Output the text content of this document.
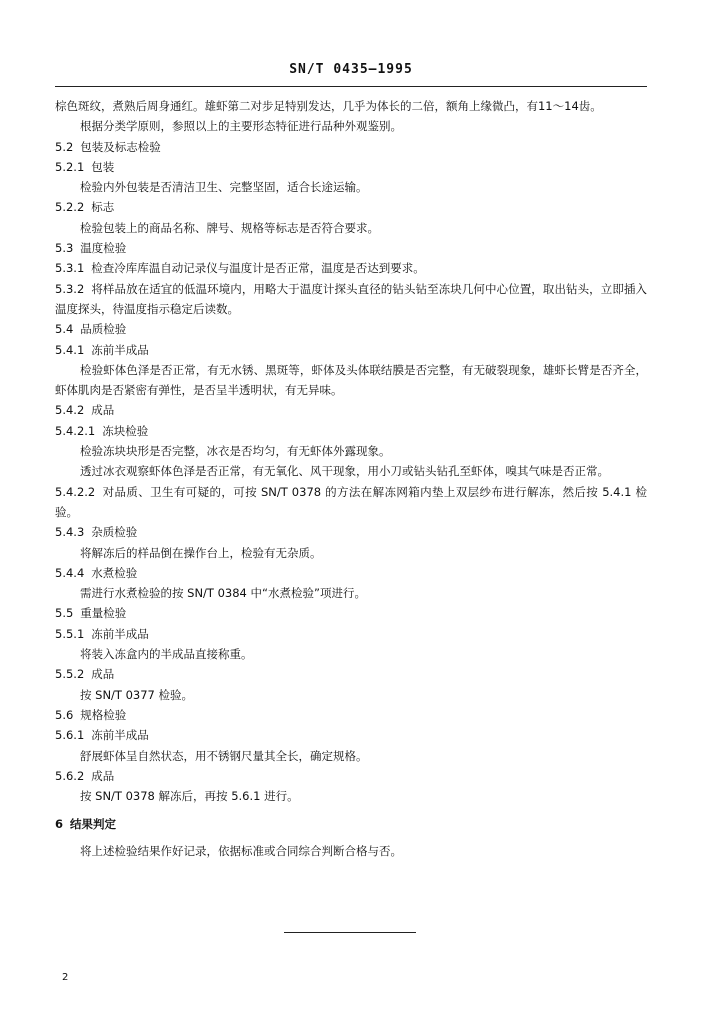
SN/T 0435—1995

棕色斑纹，煮熟后周身通红。雄虾第二对步足特别发达，几乎为体长的二倍，额角上缘微凸，有11～14齿。

根据分类学原则，参照以上的主要形态特征进行品种外观鉴别。

5.2 包装及标志检验

5.2.1 包装

检验内外包装是否清洁卫生、完整坚固，适合长途运输。

5.2.2 标志

检验包装上的商品名称、牌号、规格等标志是否符合要求。

5.3 温度检验

5.3.1 检查冷库库温自动记录仪与温度计是否正常，温度是否达到要求。

5.3.2 将样品放在适宜的低温环境内，用略大于温度计探头直径的钻头钻至冻块几何中心位置，取出钻头，立即插入温度探头，待温度指示稳定后读数。

5.4 品质检验

5.4.1 冻前半成品

检验虾体色泽是否正常，有无水锈、黑斑等，虾体及头体联结膜是否完整，有无破裂现象，雄虾长臂是否齐全，虾体肌肉是否紧密有弹性，是否呈半透明状，有无异味。

5.4.2 成品

5.4.2.1 冻块检验

检验冻块块形是否完整，冰衣是否均匀，有无虾体外露现象。

透过冰衣观察虾体色泽是否正常，有无氧化、风干现象，用小刀或钻头钻孔至虾体，嗅其气味是否正常。

5.4.2.2 对品质、卫生有可疑的，可按 SN/T 0378 的方法在解冻网箱内垫上双层纱布进行解冻，然后按 5.4.1 检验。

5.4.3 杂质检验

将解冻后的样品倒在操作台上，检验有无杂质。

5.4.4 水煮检验

需进行水煮检验的按 SN/T 0384 中“水煮检验”项进行。

5.5 重量检验

5.5.1 冻前半成品

将装入冻盒内的半成品直接称重。

5.5.2 成品

按 SN/T 0377 检验。

5.6 规格检验

5.6.1 冻前半成品

舒展虾体呈自然状态，用不锈钢尺量其全长，确定规格。

5.6.2 成品

按 SN/T 0378 解冻后，再按 5.6.1 进行。

6 结果判定

将上述检验结果作好记录，依据标准或合同综合判断合格与否。

2
